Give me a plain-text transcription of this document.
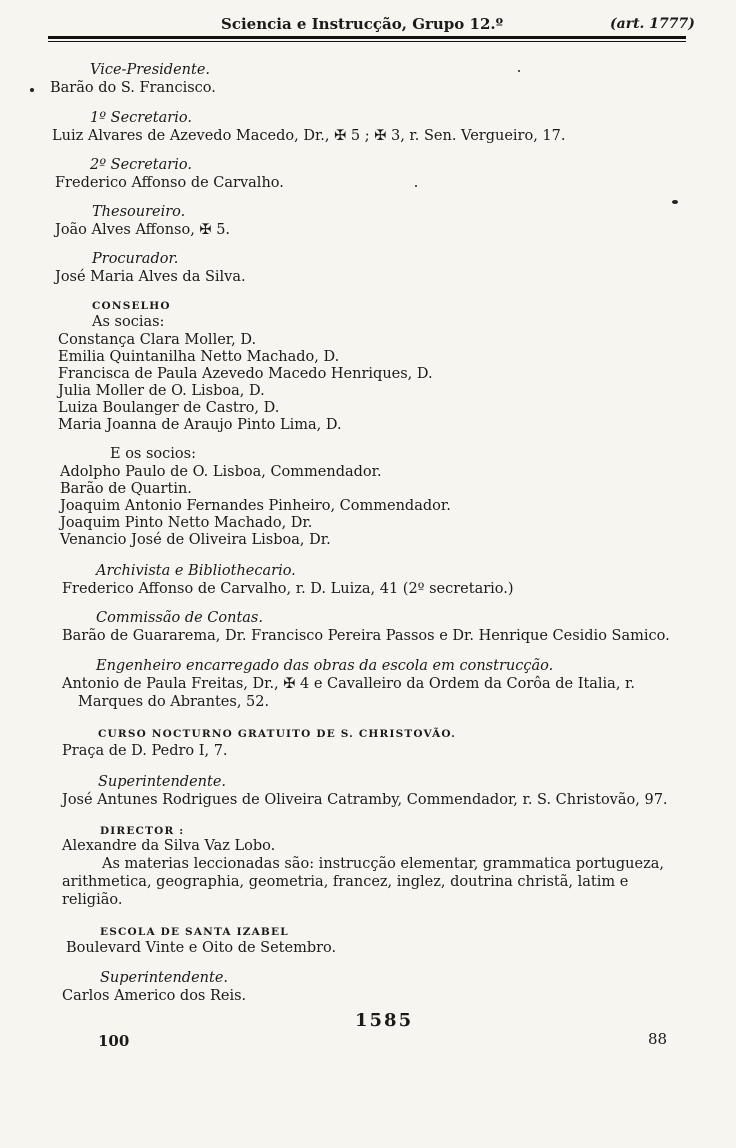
Sciencia e Instrucção, Grupo 12.º	(art. 1777)
Vice-Presidente.
Barão do S. Francisco.
1º Secretario.
Luiz Alvares de Azevedo Macedo, Dr., ✠ 5 ; ✠ 3, r. Sen. Vergueiro, 17.
2º Secretario.
Frederico Affonso de Carvalho.
Thesoureiro.
João Alves Affonso, ✠ 5.
Procurador.
José Maria Alves da Silva.
CONSELHO
As socias:
Constança Clara Moller, D.
Emilia Quintanilha Netto Machado, D.
Francisca de Paula Azevedo Macedo Henriques, D.
Julia Moller de O. Lisboa, D.
Luiza Boulanger de Castro, D.
Maria Joanna de Araujo Pinto Lima, D.
E os socios:
Adolpho Paulo de O. Lisboa, Commendador.
Barão de Quartin.
Joaquim Antonio Fernandes Pinheiro, Commendador.
Joaquim Pinto Netto Machado, Dr.
Venancio José de Oliveira Lisboa, Dr.
Archivista e Bibliothecario.
Frederico Affonso de Carvalho, r. D. Luiza, 41 (2º secretario.)
Commissão de Contas.
Barão de Guararema, Dr. Francisco Pereira Passos e Dr. Henrique Cesidio Samico.
Engenheiro encarregado das obras da escola em construcção.
Antonio de Paula Freitas, Dr., ✠ 4 e Cavalleiro da Ordem da Corôa de Italia, r.
Marques do Abrantes, 52.
CURSO NOCTURNO GRATUITO DE S. CHRISTOVÃO.
Praça de D. Pedro I, 7.
Superintendente.
José Antunes Rodrigues de Oliveira Catramby, Commendador, r. S. Christovão, 97.
DIRECTOR :
Alexandre da Silva Vaz Lobo.
As materias leccionadas são: instrucção elementar, grammatica portugueza,
arithmetica, geographia, geometria, francez, inglez, doutrina christã, latim e
religião.
ESCOLA DE SANTA IZABEL
Boulevard Vinte e Oito de Setembro.
Superintendente.
Carlos Americo dos Reis.
1585
100	88
